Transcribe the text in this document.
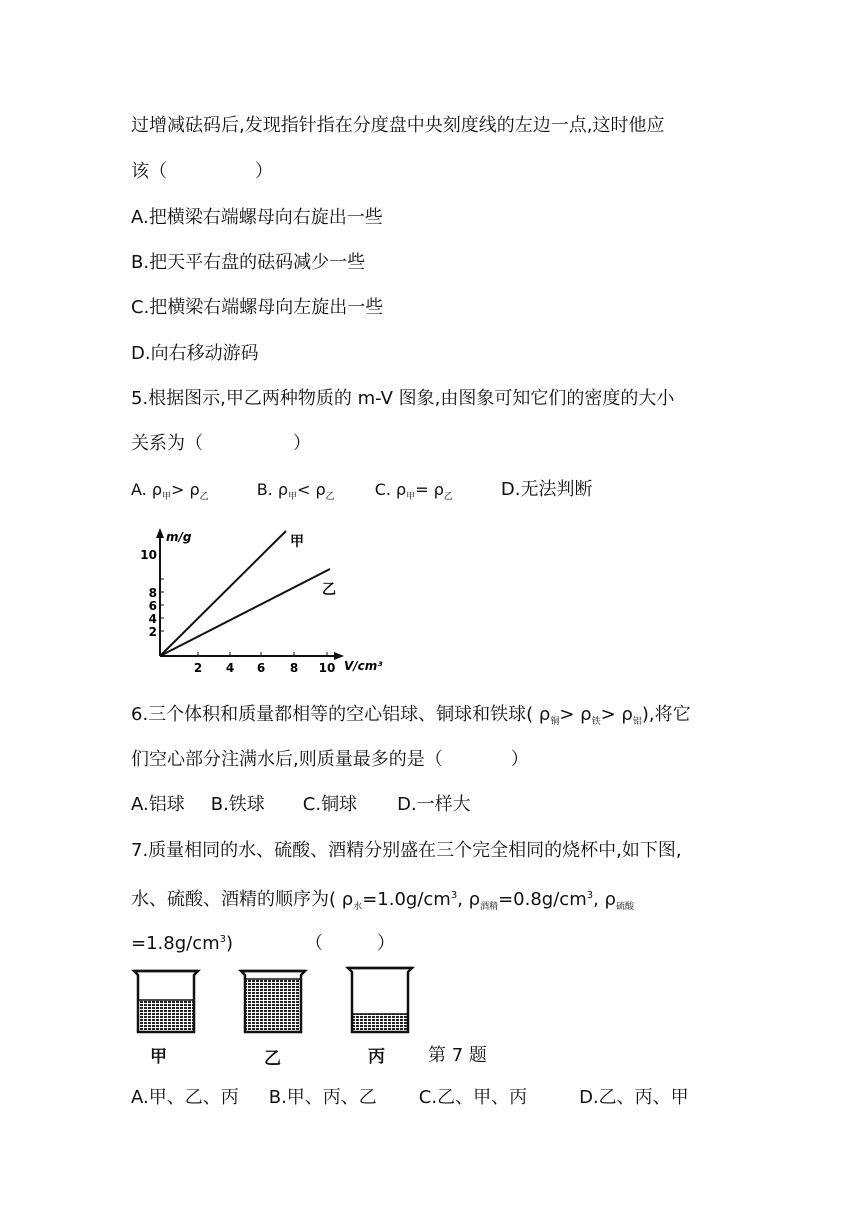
过增减砝码后,发现指针指在分度盘中央刻度线的左边一点,这时他应
该（	）
A.把横梁右端螺母向右旋出一些
B.把天平右盘的砝码减少一些
C.把横梁右端螺母向左旋出一些
D.向右移动游码
5.根据图示,甲乙两种物质的 m-V 图象,由图象可知它们的密度的大小
关系为（	）
A. $\rho_甲> \rho_乙$	B. $\rho_甲< \rho_乙$	C. $\rho_甲= \rho_乙$	D.无法判断
m/g
V/cm³
2
4
6
8
10
2 4 6 8 10
甲
乙
6.三个体积和质量都相等的空心铝球、铜球和铁球( $\rho_铜> \rho_铁> \rho_铝$),将它
们空心部分注满水后,则质量最多的是（	）
A.铝球 B.铁球 C.铜球 D.一样大
7.质量相同的水、硫酸、酒精分别盛在三个完全相同的烧杯中,如下图,
水、硫酸、酒精的顺序为( $\rho_水=1.0g/cm^3$, $\rho_{酒精}=0.8g/cm^3$, $\rho_{硫酸}$
$=1.8g/cm^3$)	（	）
甲	乙	丙 第 7 题
A.甲、乙、丙 B.甲、丙、乙 C.乙、甲、丙	D.乙、丙、甲
